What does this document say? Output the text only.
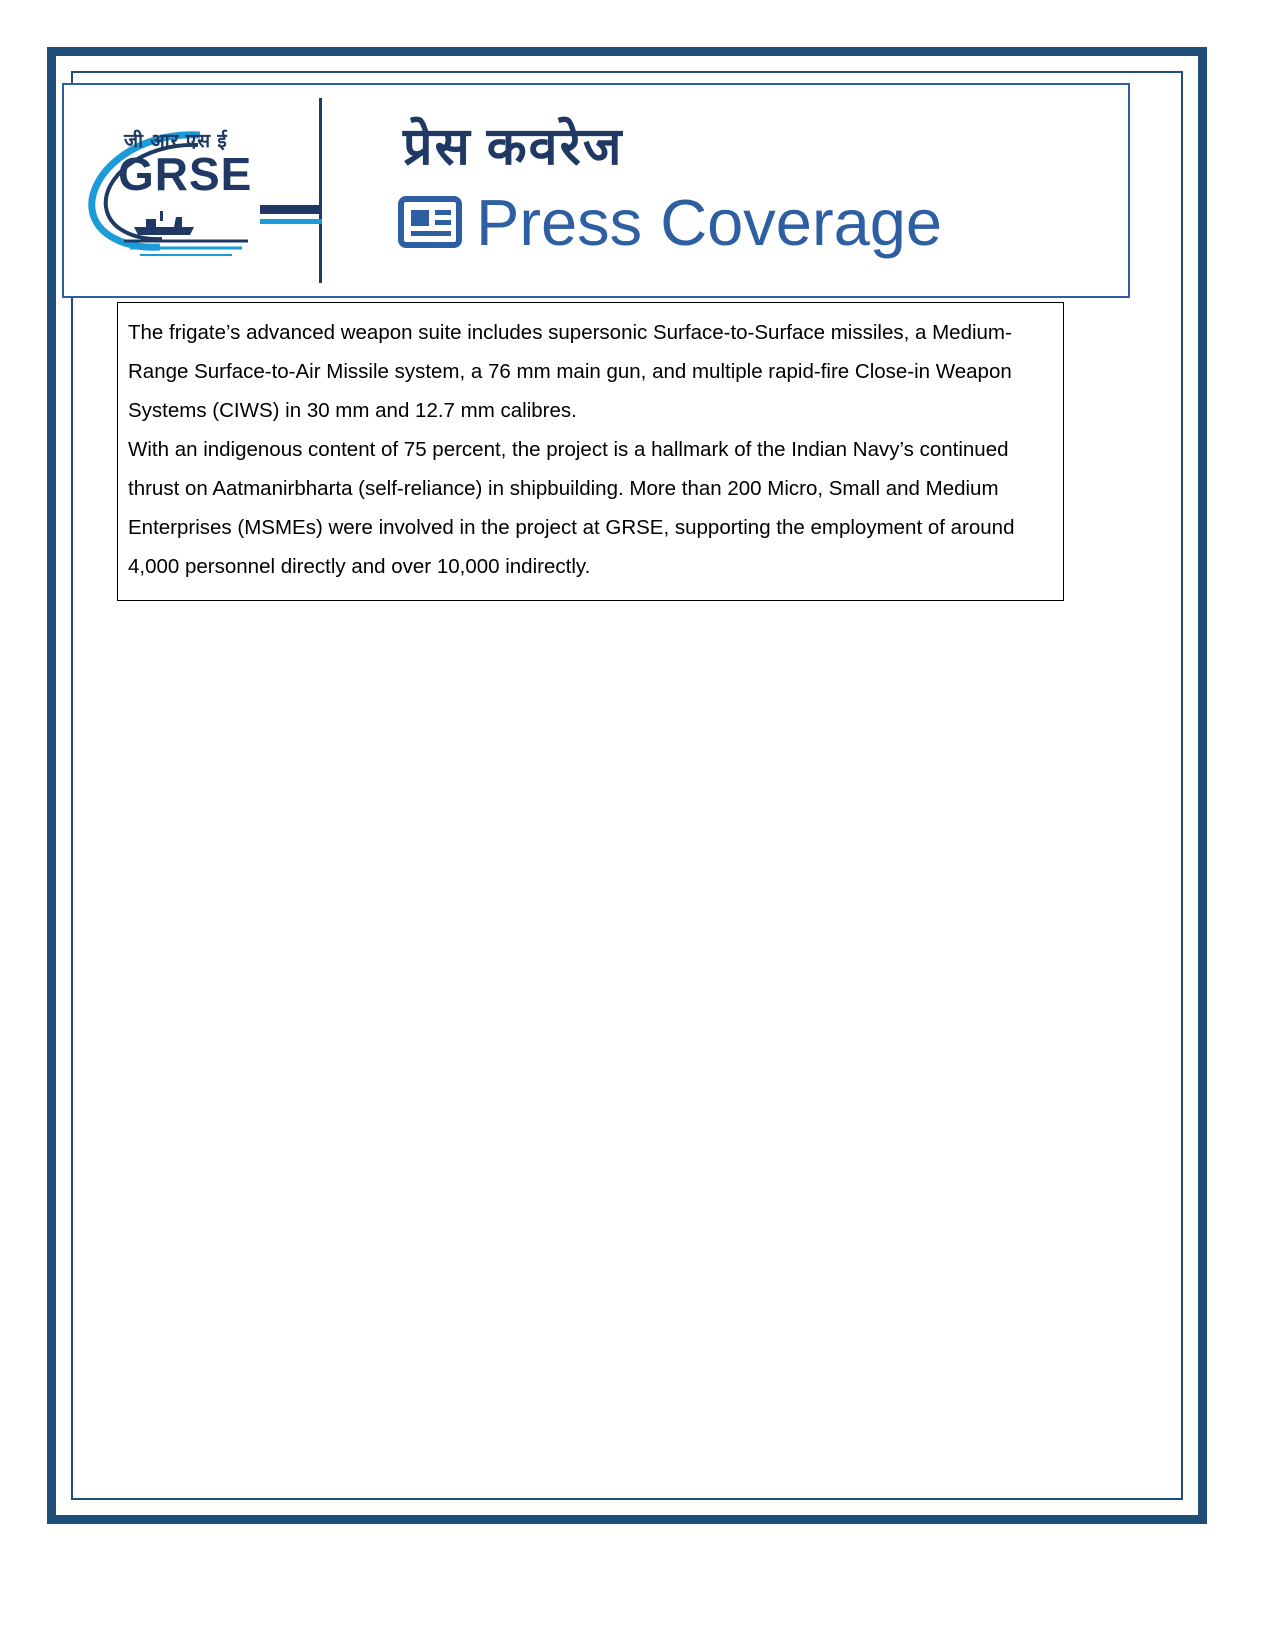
जी आर एस ई
GRSE	प्रेस कवरेज
Press Coverage

The frigate’s advanced weapon suite includes supersonic Surface-to-Surface missiles, a Medium-Range Surface-to-Air Missile system, a 76 mm main gun, and multiple rapid-fire Close-in Weapon Systems (CIWS) in 30 mm and 12.7 mm calibres.

With an indigenous content of 75 percent, the project is a hallmark of the Indian Navy’s continued thrust on Aatmanirbharta (self-reliance) in shipbuilding. More than 200 Micro, Small and Medium Enterprises (MSMEs) were involved in the project at GRSE, supporting the employment of around 4,000 personnel directly and over 10,000 indirectly.
